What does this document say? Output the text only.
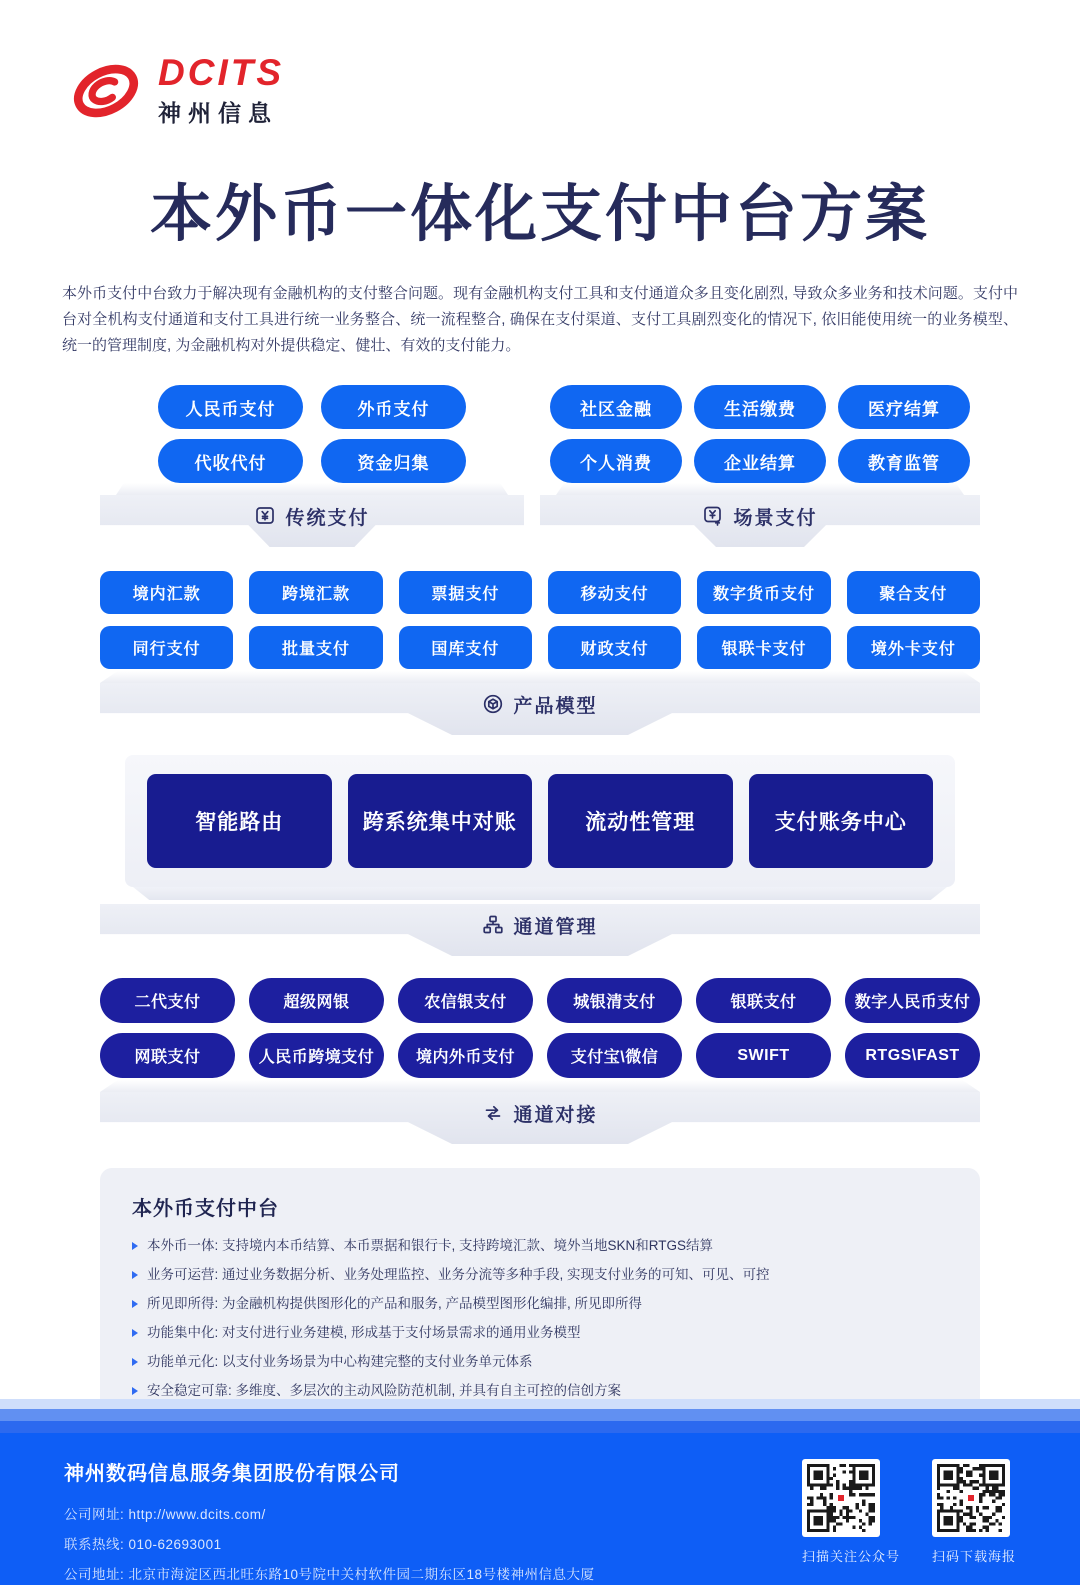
DCITS
神州信息
本外币一体化支付中台方案
本外币支付中台致力于解决现有金融机构的支付整合问题。现有金融机构支付工具和支付通道众多且变化剧烈, 导致众多业务和技术问题。支付中台对全机构支付通道和支付工具进行统一业务整合、统一流程整合, 确保在支付渠道、支付工具剧烈变化的情况下, 依旧能使用统一的业务模型、统一的管理制度, 为金融机构对外提供稳定、健壮、有效的支付能力。
人民币支付	外币支付
代收代付	资金归集
传统支付
社区金融	生活缴费	医疗结算
个人消费	企业结算	教育监管
场景支付
境内汇款	跨境汇款	票据支付	移动支付	数字货币支付	聚合支付
同行支付	批量支付	国库支付	财政支付	银联卡支付	境外卡支付
产品模型
智能路由	跨系统集中对账	流动性管理	支付账务中心
通道管理
二代支付	超级网银	农信银支付	城银清支付	银联支付	数字人民币支付
网联支付	人民币跨境支付	境内外币支付	支付宝\微信	SWIFT	RTGS\FAST
通道对接
本外币支付中台
本外币一体: 支持境内本币结算、本币票据和银行卡, 支持跨境汇款、境外当地SKN和RTGS结算
业务可运营: 通过业务数据分析、业务处理监控、业务分流等多种手段, 实现支付业务的可知、可见、可控
所见即所得: 为金融机构提供图形化的产品和服务, 产品模型图形化编排, 所见即所得
功能集中化: 对支付进行业务建模, 形成基于支付场景需求的通用业务模型
功能单元化: 以支付业务场景为中心构建完整的支付业务单元体系
安全稳定可靠: 多维度、多层次的主动风险防范机制, 并具有自主可控的信创方案
神州数码信息服务集团股份有限公司
公司网址: http://www.dcits.com/
联系热线: 010-62693001
公司地址: 北京市海淀区西北旺东路10号院中关村软件园二期东区18号楼神州信息大厦
扫描关注公众号 扫码下载海报
